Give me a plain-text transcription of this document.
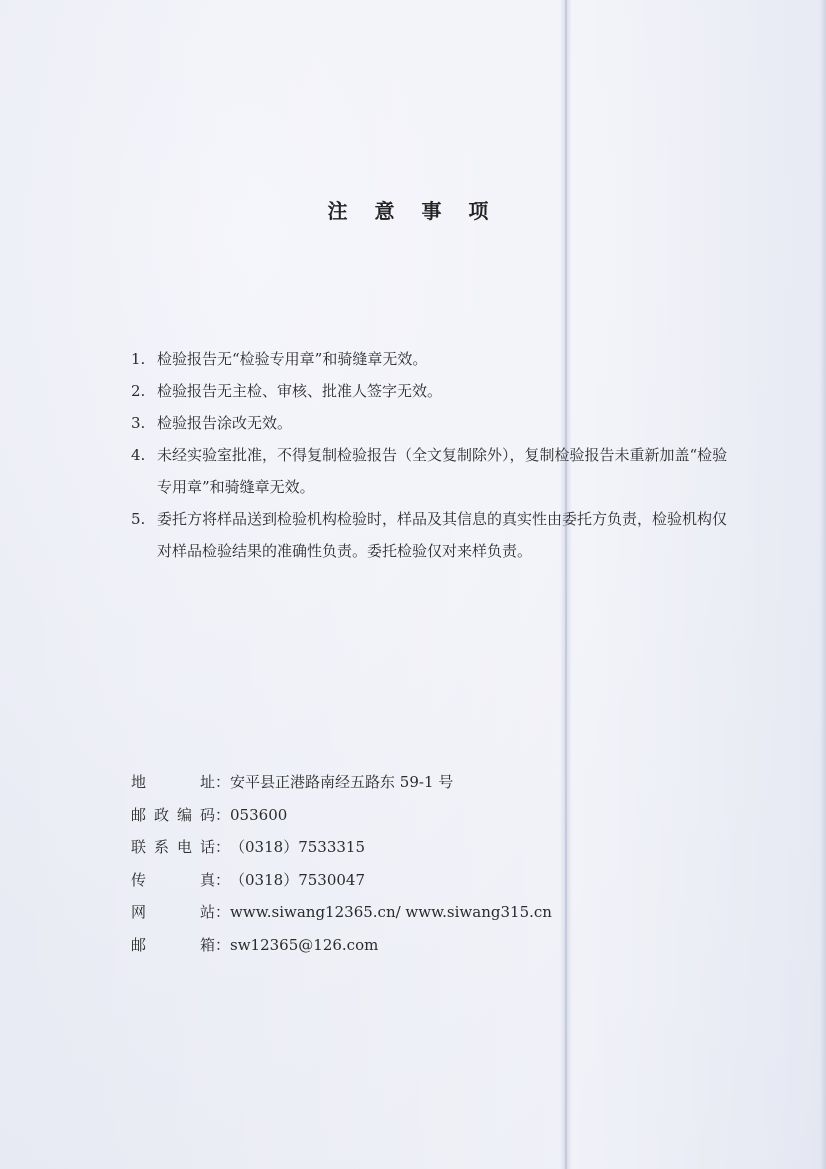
注 意 事 项
1. 检验报告无“检验专用章”和骑缝章无效。
2. 检验报告无主检、审核、批准人签字无效。
3. 检验报告涂改无效。
4. 未经实验室批准，不得复制检验报告（全文复制除外），复制检验报告未重新加盖“检验专用章”和骑缝章无效。
5. 委托方将样品送到检验机构检验时，样品及其信息的真实性由委托方负责，检验机构仅对样品检验结果的准确性负责。委托检验仅对来样负责。
地址：安平县正港路南经五路东 59-1 号
邮政编码：053600
联系电话：（0318）7533315
传真：（0318）7530047
网站：www.siwang12365.cn/ www.siwang315.cn
邮箱：sw12365@126.com
